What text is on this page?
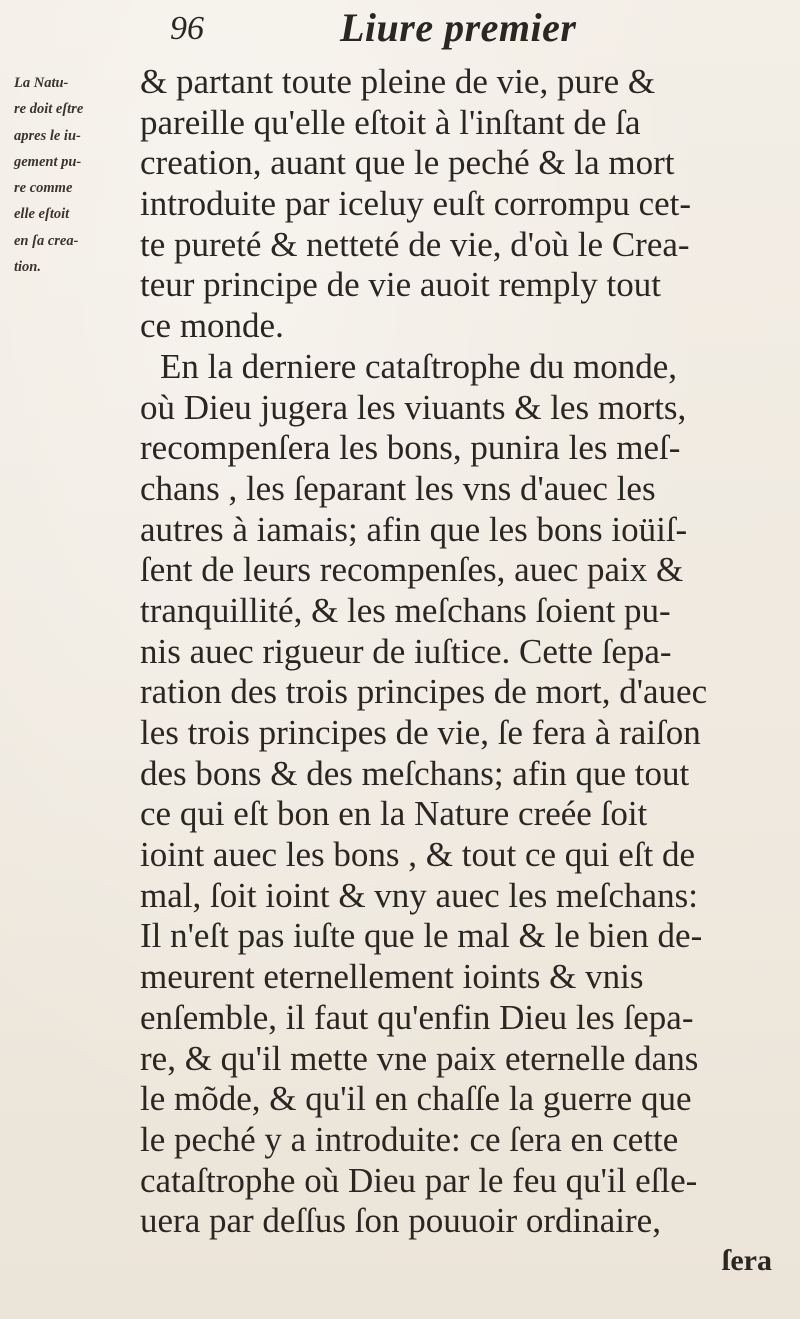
96	Liure premier
La Natu-
re doit eſtre
apres le iu-
gement pu-
re comme
elle eſtoit
en ſa crea-
tion.
& partant toute pleine de vie, pure &
pareille qu'elle eſtoit à l'inſtant de ſa
creation, auant que le peché & la mort
introduite par iceluy euſt corrompu cet-
te pureté & netteté de vie, d'où le Crea-
teur principe de vie auoit remply tout
ce monde.
En la derniere cataſtrophe du monde,
où Dieu jugera les viuants & les morts,
recompenſera les bons, punira les meſ-
chans , les ſeparant les vns d'auec les
autres à iamais; afin que les bons ioüiſ-
ſent de leurs recompenſes, auec paix &
tranquillité, & les meſchans ſoient pu-
nis auec rigueur de iuſtice. Cette ſepa-
ration des trois principes de mort, d'auec
les trois principes de vie, ſe fera à raiſon
des bons & des meſchans; afin que tout
ce qui eſt bon en la Nature creée ſoit
ioint auec les bons , & tout ce qui eſt de
mal, ſoit ioint & vny auec les meſchans:
Il n'eſt pas iuſte que le mal & le bien de-
meurent eternellement ioints & vnis
enſemble, il faut qu'enfin Dieu les ſepa-
re, & qu'il mette vne paix eternelle dans
le mõde, & qu'il en chaſſe la guerre que
le peché y a introduite: ce ſera en cette
cataſtrophe où Dieu par le feu qu'il eſle-
uera par deſſus ſon pouuoir ordinaire,
ſera
